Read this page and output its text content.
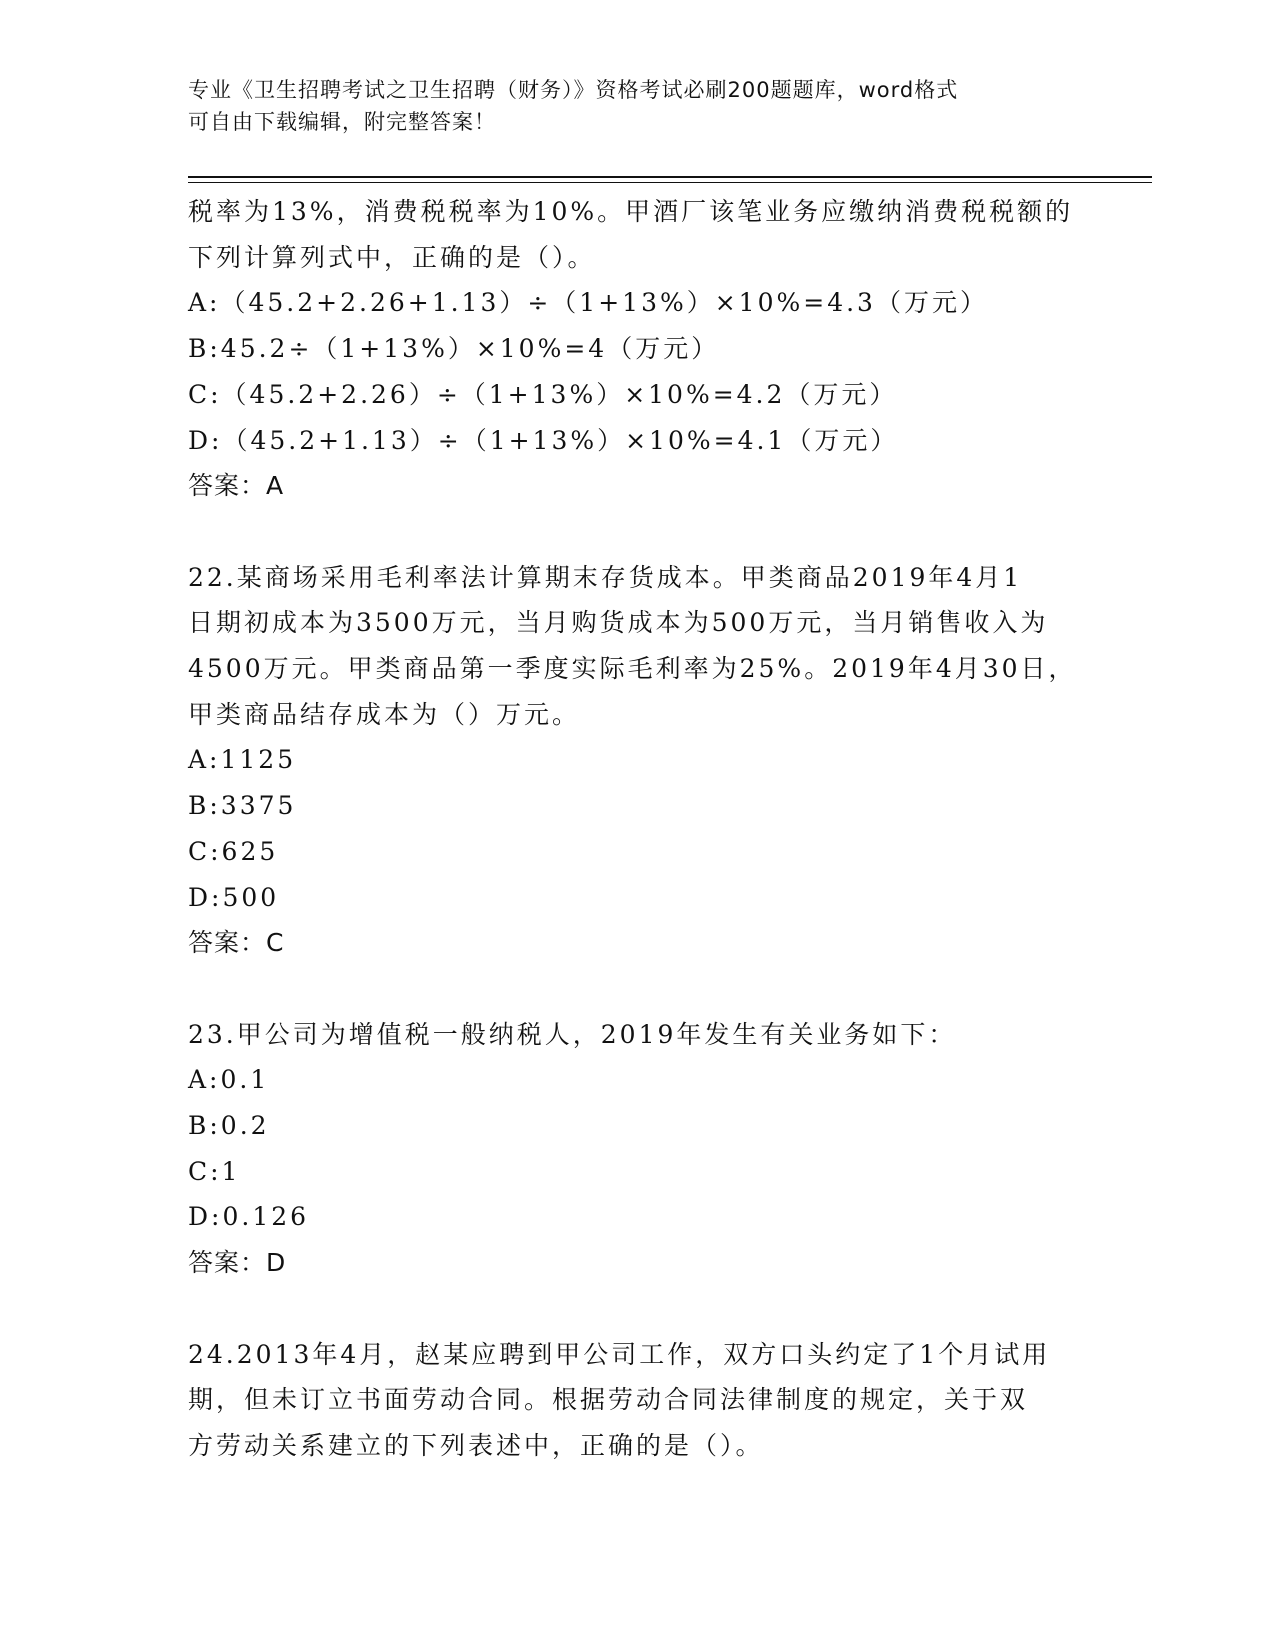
专业《卫生招聘考试之卫生招聘（财务）》资格考试必刷200题题库，word格式
可自由下载编辑，附完整答案！
税率为13%，消费税税率为10%。甲酒厂该笔业务应缴纳消费税税额的
下列计算列式中，正确的是（）。
A:（45.2+2.26+1.13）÷（1+13%）×10%=4.3（万元）
B:45.2÷（1+13%）×10%=4（万元）
C:（45.2+2.26）÷（1+13%）×10%=4.2（万元）
D:（45.2+1.13）÷（1+13%）×10%=4.1（万元）
答案：A
22.某商场采用毛利率法计算期末存货成本。甲类商品2019年4月1
日期初成本为3500万元，当月购货成本为500万元，当月销售收入为
4500万元。甲类商品第一季度实际毛利率为25%。2019年4月30日，
甲类商品结存成本为（）万元。
A:1125
B:3375
C:625
D:500
答案：C
23.甲公司为增值税一般纳税人，2019年发生有关业务如下：
A:0.1
B:0.2
C:1
D:0.126
答案：D
24.2013年4月，赵某应聘到甲公司工作，双方口头约定了1个月试用
期，但未订立书面劳动合同。根据劳动合同法律制度的规定，关于双
方劳动关系建立的下列表述中，正确的是（）。
